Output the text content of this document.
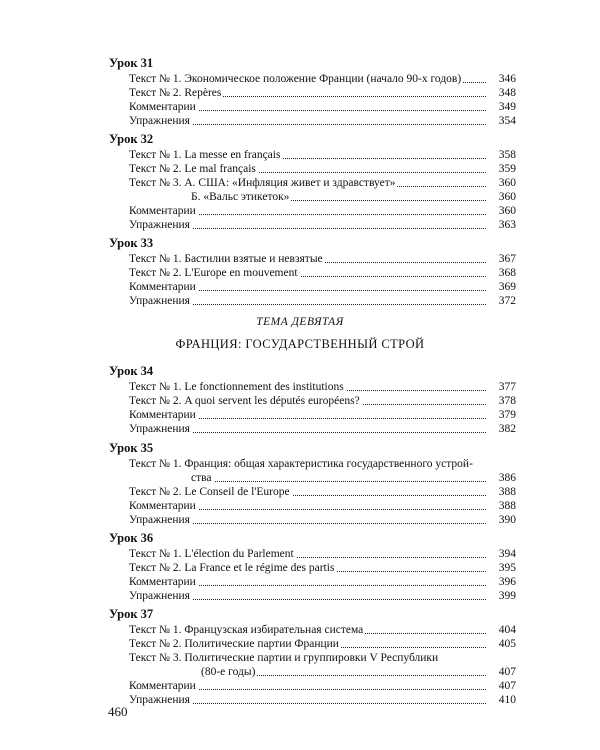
Урок 31
Текст № 1. Экономическое положение Франции (начало 90-х годов)	346
Текст № 2. Repères	348
Комментарии	349
Упражнения	354
Урок 32
Текст № 1. La messe en français	358
Текст № 2. Le mal français	359
Текст № 3. А. США: «Инфляция живет и здравствует»	360
Б. «Вальс этикеток»	360
Комментарии	360
Упражнения	363
Урок 33
Текст № 1. Бастилии взятые и невзятые	367
Текст № 2. L'Europe en mouvement	368
Комментарии	369
Упражнения	372
ТЕМА ДЕВЯТАЯ
ФРАНЦИЯ: ГОСУДАРСТВЕННЫЙ СТРОЙ
Урок 34
Текст № 1. Le fonctionnement des institutions	377
Текст № 2. A quoi servent les députés européens?	378
Комментарии	379
Упражнения	382
Урок 35
Текст № 1. Франция: общая характеристика государственного устрой-
ства	386
Текст № 2. Le Conseil de l'Europe	388
Комментарии	388
Упражнения	390
Урок 36
Текст № 1. L'élection du Parlement	394
Текст № 2. La France et le régime des partis	395
Комментарии	396
Упражнения	399
Урок 37
Текст № 1. Французская избирательная система	404
Текст № 2. Политические партии Франции	405
Текст № 3. Политические партии и группировки V Республики
(80-е годы)	407
Комментарии	407
Упражнения	410
460
